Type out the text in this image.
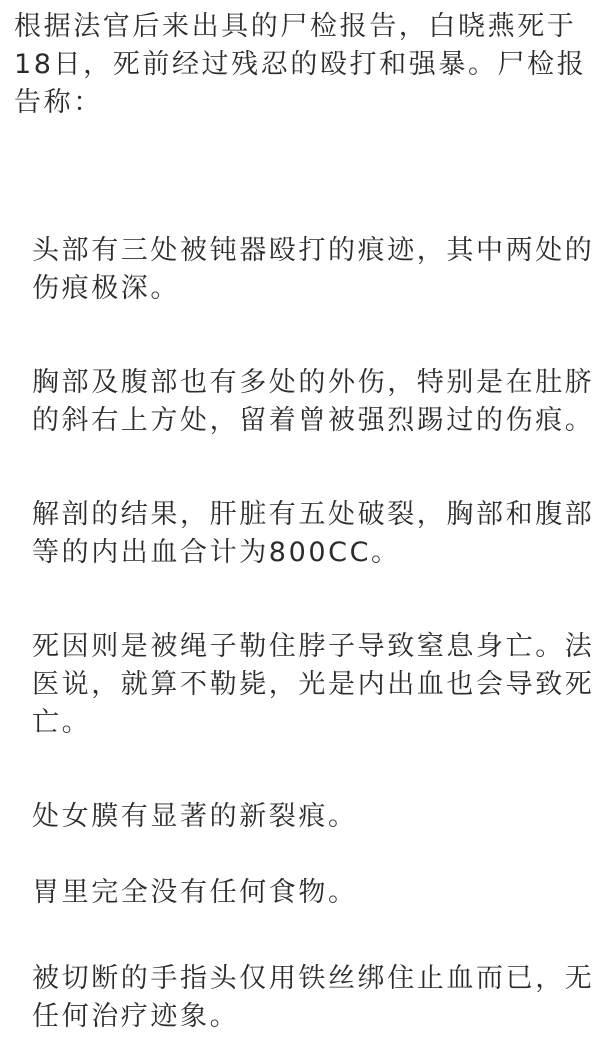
根据法官后来出具的尸检报告，白晓燕死于
18日，死前经过残忍的殴打和强暴。尸检报
告称：

头部有三处被钝器殴打的痕迹，其中两处的
伤痕极深。

胸部及腹部也有多处的外伤，特别是在肚脐
的斜右上方处，留着曾被强烈踢过的伤痕。

解剖的结果，肝脏有五处破裂，胸部和腹部
等的内出血合计为800CC。

死因则是被绳子勒住脖子导致窒息身亡。法
医说，就算不勒毙，光是内出血也会导致死
亡。

处女膜有显著的新裂痕。

胃里完全没有任何食物。

被切断的手指头仅用铁丝绑住止血而已，无
任何治疗迹象。
